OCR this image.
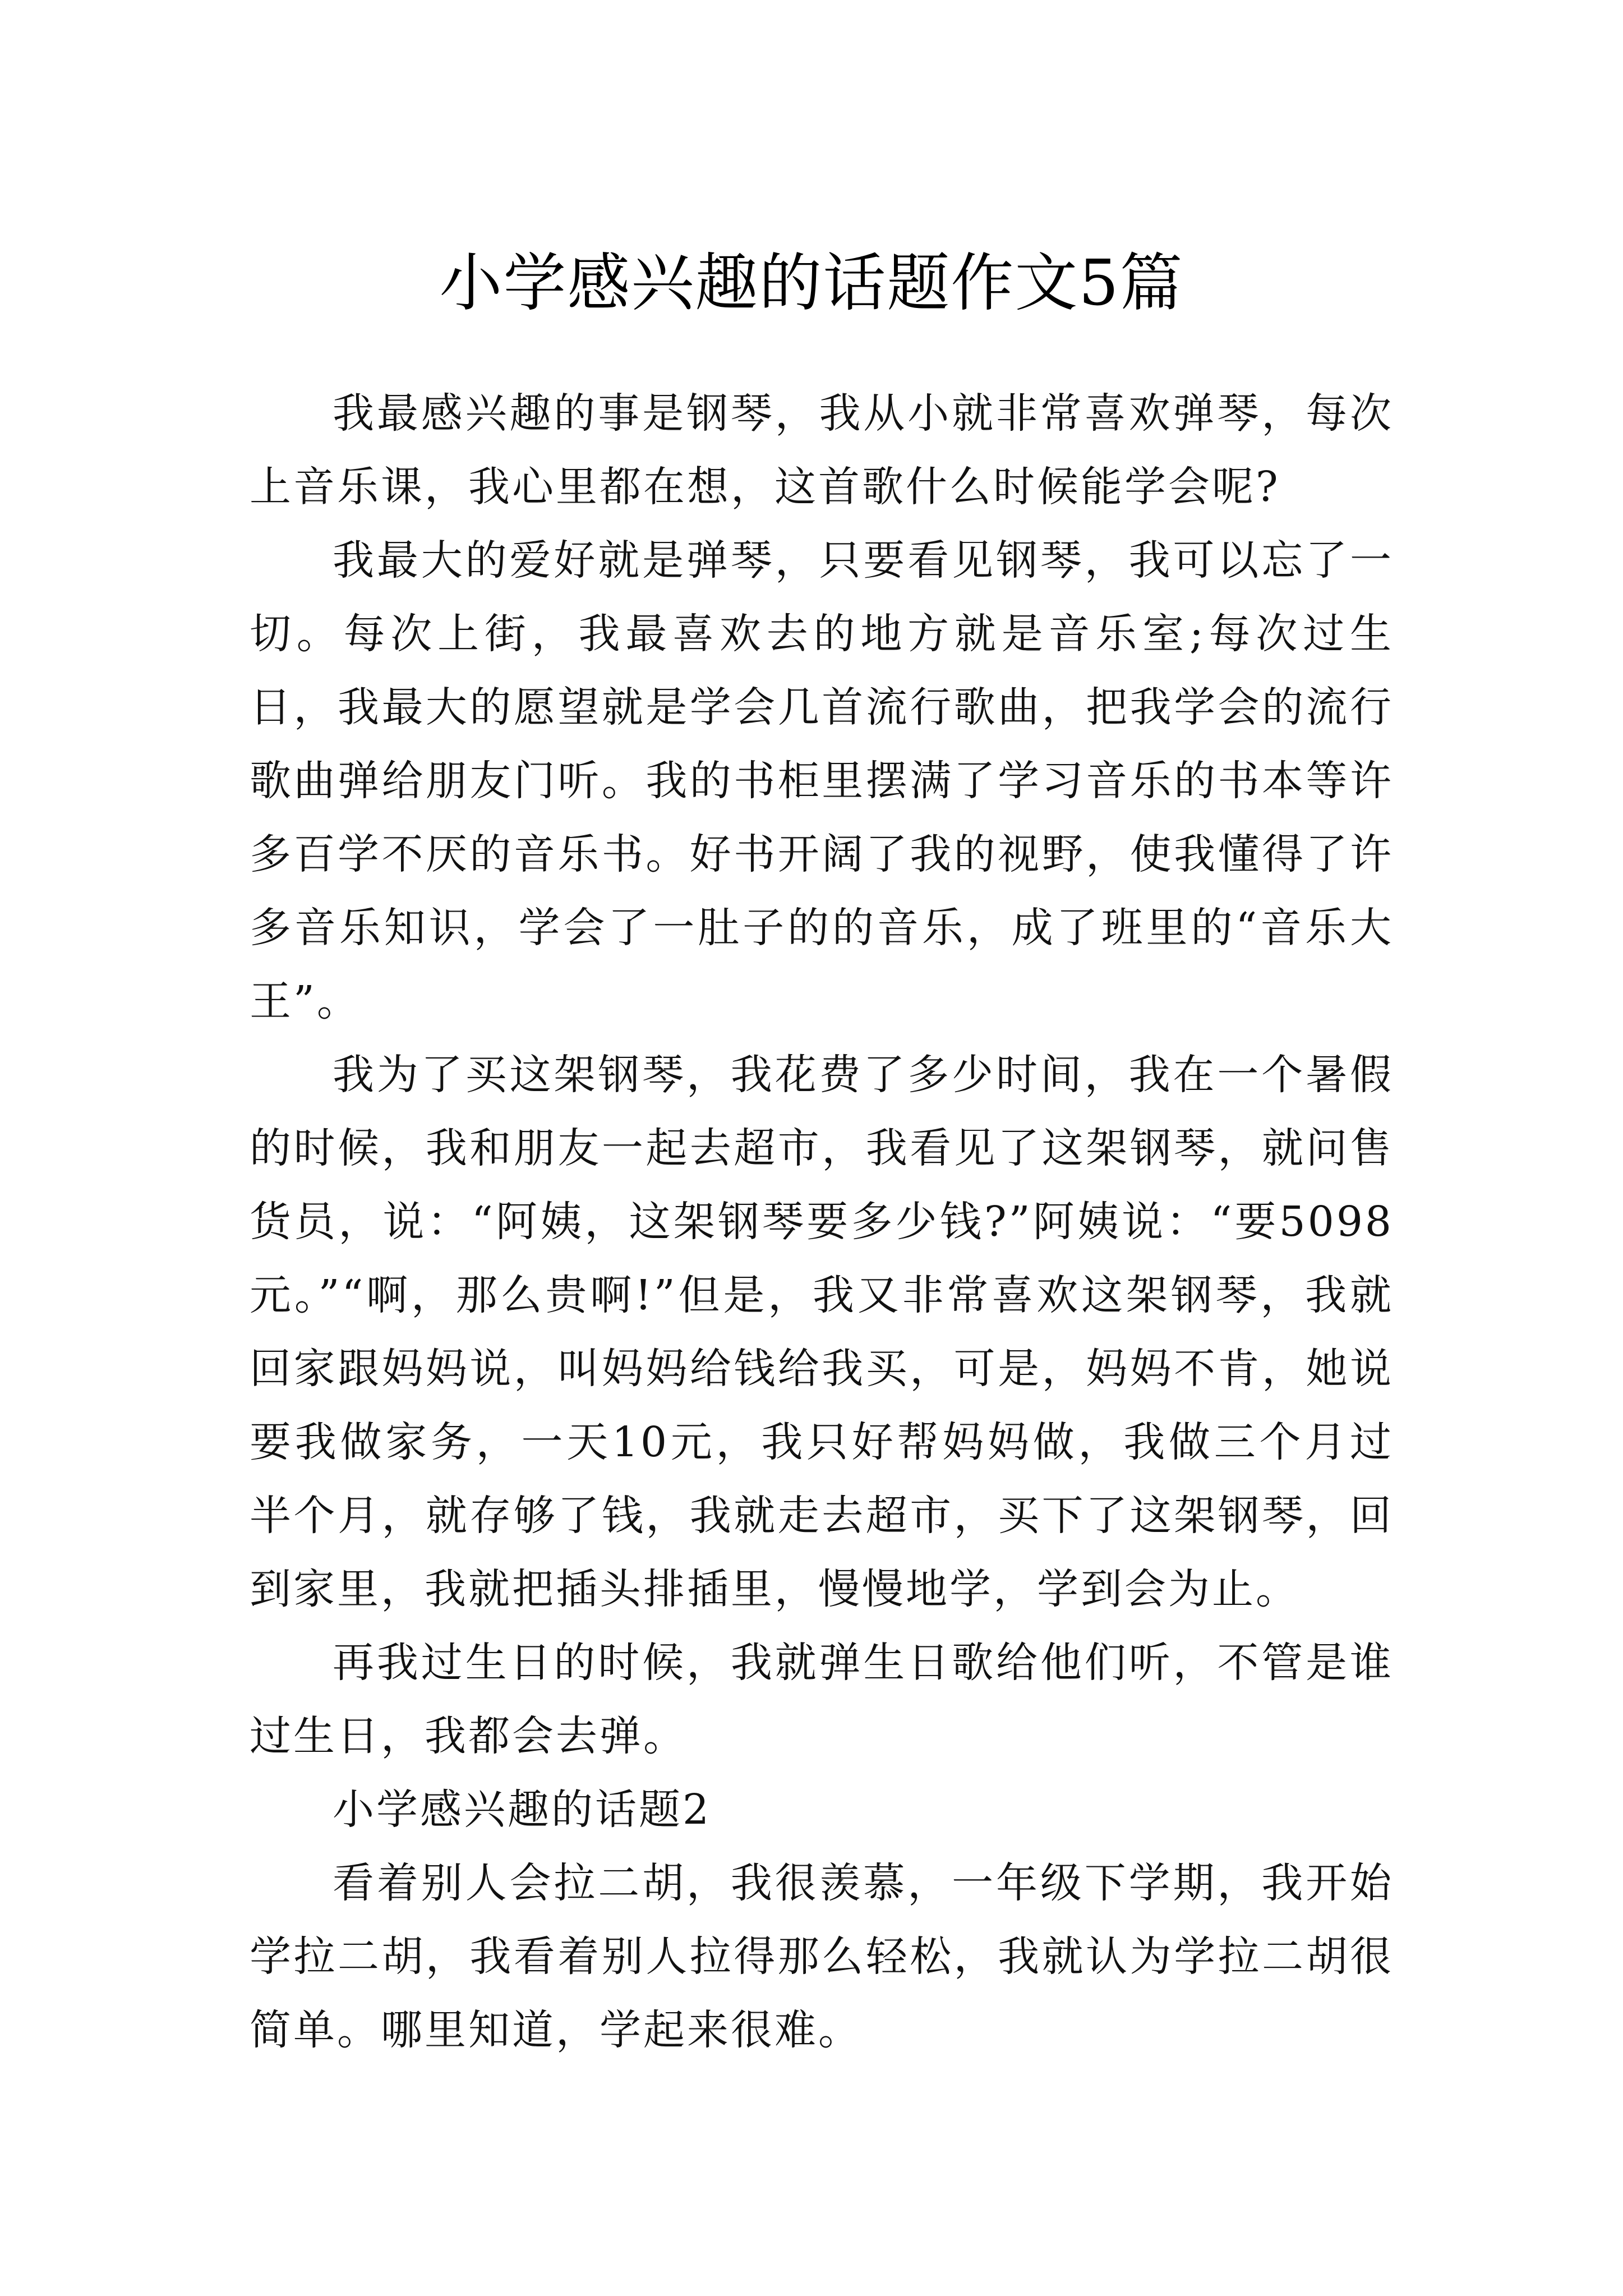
小学感兴趣的话题作文5篇

我最感兴趣的事是钢琴，我从小就非常喜欢弹琴，每次上音乐课，我心里都在想，这首歌什么时候能学会呢?

我最大的爱好就是弹琴，只要看见钢琴，我可以忘了一切。每次上街，我最喜欢去的地方就是音乐室;每次过生日，我最大的愿望就是学会几首流行歌曲，把我学会的流行歌曲弹给朋友门听。我的书柜里摆满了学习音乐的书本等许多百学不厌的音乐书。好书开阔了我的视野，使我懂得了许多音乐知识，学会了一肚子的的音乐，成了班里的“音乐大王”。

我为了买这架钢琴，我花费了多少时间，我在一个暑假的时候，我和朋友一起去超市，我看见了这架钢琴，就问售货员，说：“阿姨，这架钢琴要多少钱?”阿姨说：“要5098元。”“啊，那么贵啊!”但是，我又非常喜欢这架钢琴，我就回家跟妈妈说，叫妈妈给钱给我买，可是，妈妈不肯，她说要我做家务，一天10元，我只好帮妈妈做，我做三个月过半个月，就存够了钱，我就走去超市，买下了这架钢琴，回到家里，我就把插头排插里，慢慢地学，学到会为止。

再我过生日的时候，我就弹生日歌给他们听，不管是谁过生日，我都会去弹。

小学感兴趣的话题2

看着别人会拉二胡，我很羡慕，一年级下学期，我开始学拉二胡，我看着别人拉得那么轻松，我就认为学拉二胡很简单。哪里知道，学起来很难。
